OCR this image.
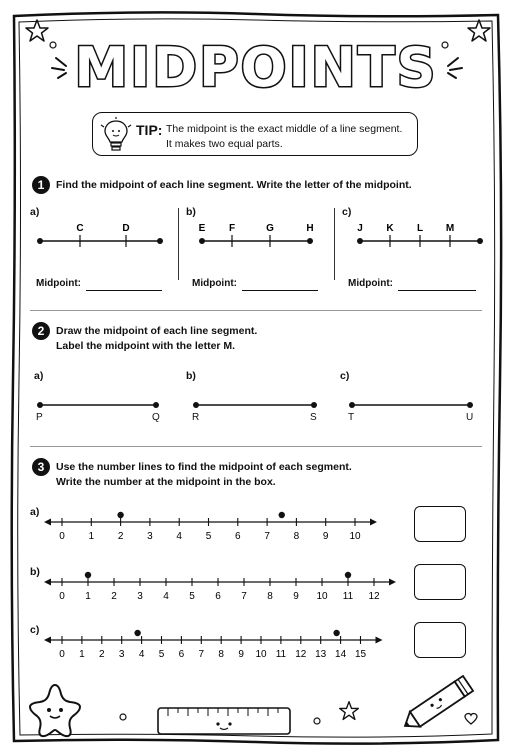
MIDPOINTS
TIP: The midpoint is the exact middle of a line segment.
It makes two equal parts.
1	Find the midpoint of each line segment. Write the letter of the midpoint.
a)	b)	c)
C	D	E F	G	H	J K L M
Midpoint:	Midpoint:	Midpoint:
2	Draw the midpoint of each line segment.
Label the midpoint with the letter M.
a)	b)	c)
P	Q	R	S	T	U
3	Use the number lines to find the midpoint of each segment.
Write the number at the midpoint in the box.
a)
b)
c)
0 1 2 3 4 5 6 7 8 9 10
0 1 2 3 4 5 6 7 8 9 10 11 12
0 1 2 3 4 5 6 7 8 9 10 11 12 13 14 15
